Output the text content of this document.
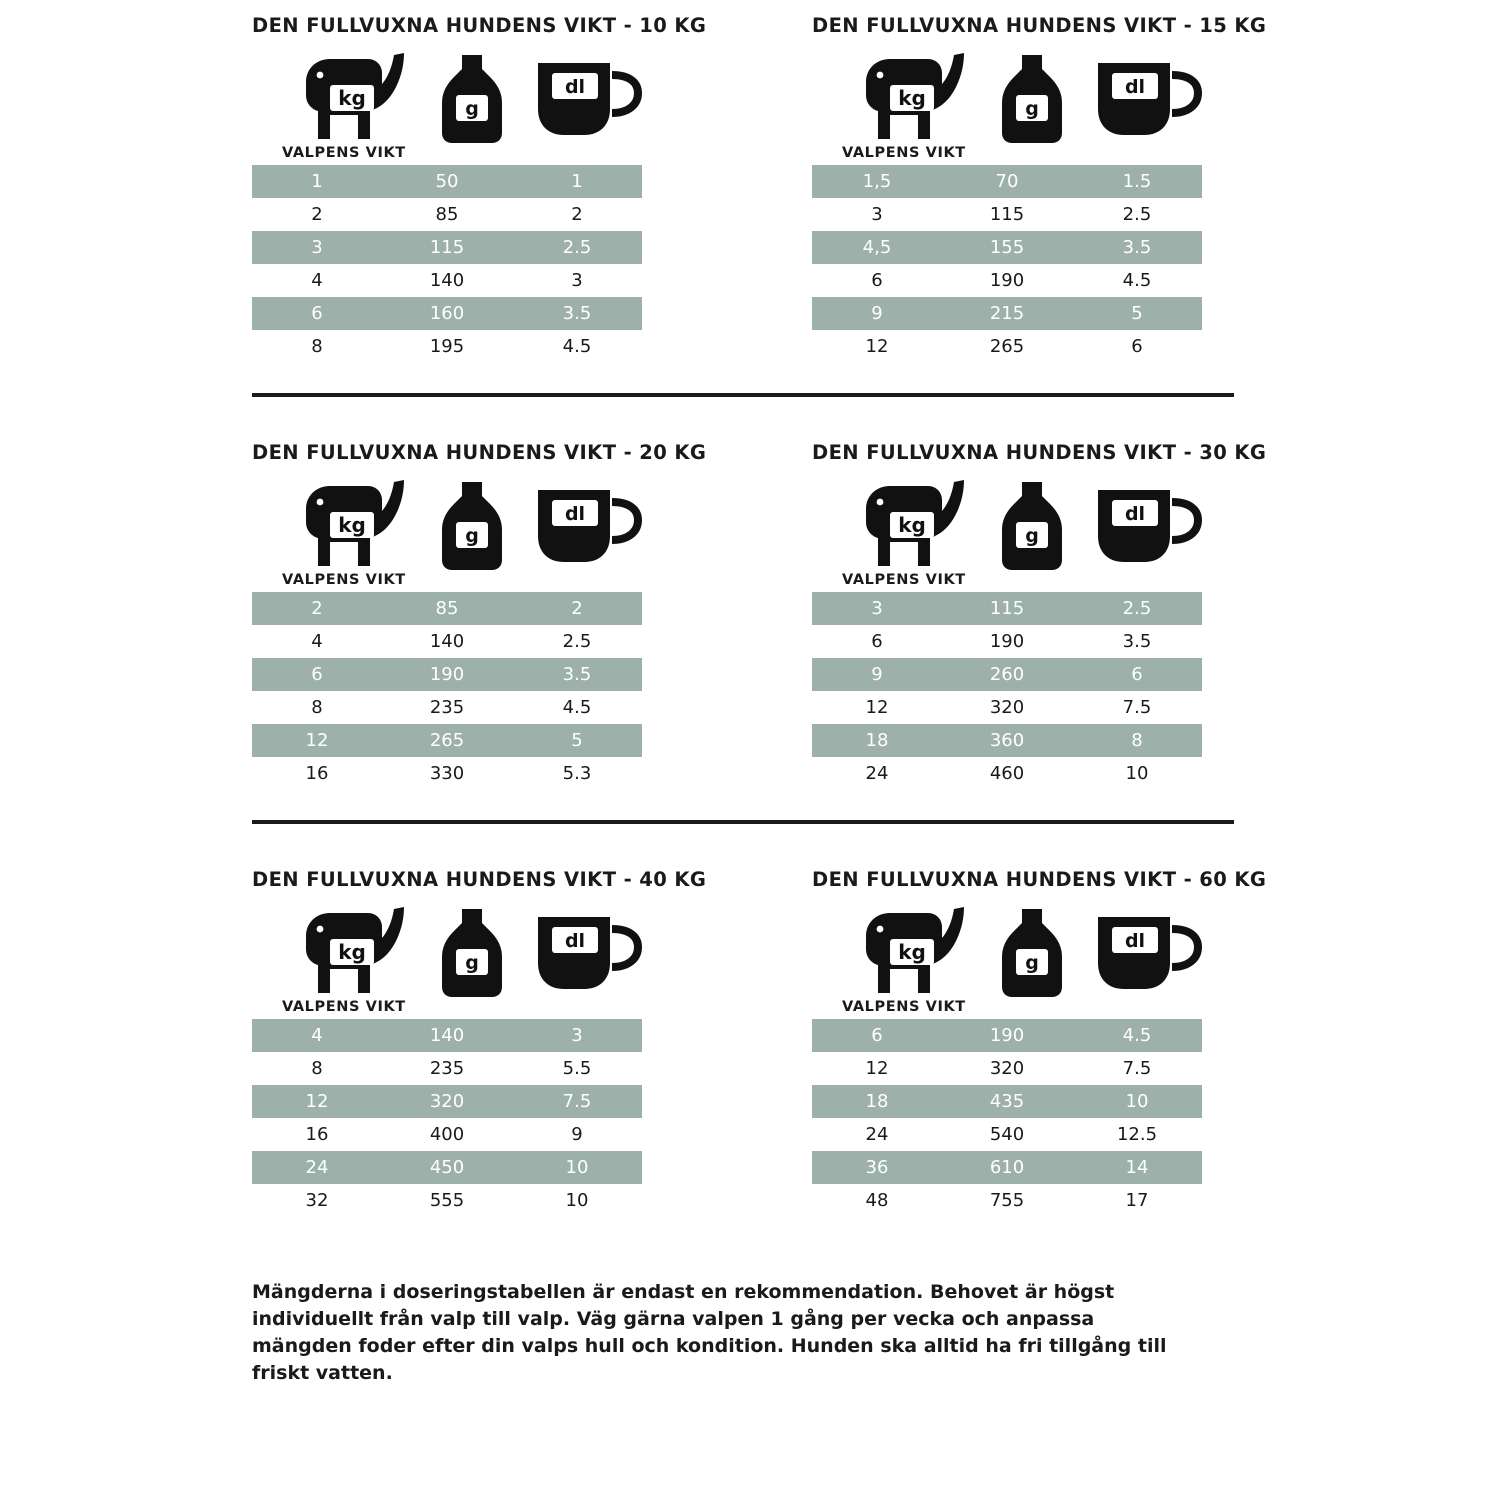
DEN FULLVUXNA HUNDENS VIKT - 10 KG
kg	g
dl
VALPENS VIKT
1	50	1
2	85	2
3	115	2.5
4	140	3
6	160	3.5
8	195	4.5
DEN FULLVUXNA HUNDENS VIKT - 15 KG
kg	g
dl
VALPENS VIKT
1,5	70	1.5
3	115	2.5
4,5	155	3.5
6	190	4.5
9	215	5
12	265	6
DEN FULLVUXNA HUNDENS VIKT - 20 KG
kg	g
dl
VALPENS VIKT
2	85	2
4	140	2.5
6	190	3.5
8	235	4.5
12	265	5
16	330	5.3
DEN FULLVUXNA HUNDENS VIKT - 30 KG
kg	g
dl
VALPENS VIKT
3	115	2.5
6	190	3.5
9	260	6
12	320	7.5
18	360	8
24	460	10
DEN FULLVUXNA HUNDENS VIKT - 40 KG
kg	g
dl
VALPENS VIKT
4	140	3
8	235	5.5
12	320	7.5
16	400	9
24	450	10
32	555	10
DEN FULLVUXNA HUNDENS VIKT - 60 KG
kg	g
dl
VALPENS VIKT
6	190	4.5
12	320	7.5
18	435	10
24	540	12.5
36	610	14
48	755	17

Mängderna i doseringstabellen är endast en rekommendation. Behovet är högst individuellt från valp till valp. Väg gärna valpen 1 gång per vecka och anpassa mängden foder efter din valps hull och kondition. Hunden ska alltid ha fri tillgång till friskt vatten.
